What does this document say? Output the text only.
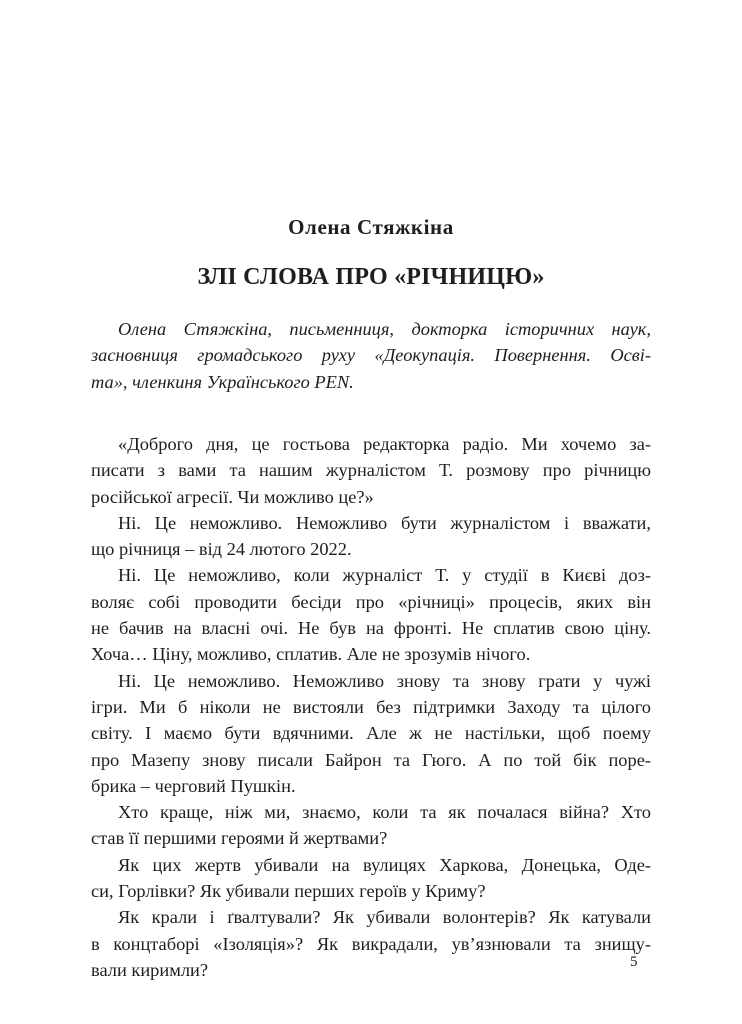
Олена Стяжкіна
ЗЛІ СЛОВА ПРО «РІЧНИЦЮ»
Олена Стяжкіна, письменниця, докторка історичних наук,
засновниця громадського руху «Деокупація. Повернення. Осві-
та», членкиня Українського PEN.
«Доброго дня, це гостьова редакторка радіо. Ми хочемо за-
писати з вами та нашим журналістом Т. розмову про річницю
російської агресії. Чи можливо це?»
Ні. Це неможливо. Неможливо бути журналістом і вважати,
що річниця – від 24 лютого 2022.
Ні. Це неможливо, коли журналіст Т. у студії в Києві доз-
воляє собі проводити бесіди про «річниці» процесів, яких він
не бачив на власні очі. Не був на фронті. Не сплатив свою ціну.
Хоча… Ціну, можливо, сплатив. Але не зрозумів нічого.
Ні. Це неможливо. Неможливо знову та знову грати у чужі
ігри. Ми б ніколи не вистояли без підтримки Заходу та цілого
світу. І маємо бути вдячними. Але ж не настільки, щоб поему
про Мазепу знову писали Байрон та Гюго. А по той бік поре-
брика – черговий Пушкін.
Хто краще, ніж ми, знаємо, коли та як почалася війна? Хто
став її першими героями й жертвами?
Як цих жертв убивали на вулицях Харкова, Донецька, Оде-
си, Горлівки? Як убивали перших героїв у Криму?
Як крали і ґвалтували? Як убивали волонтерів? Як катували
в концтаборі «Ізоляція»? Як викрадали, ув’язнювали та знищу-
вали киримли?	5
